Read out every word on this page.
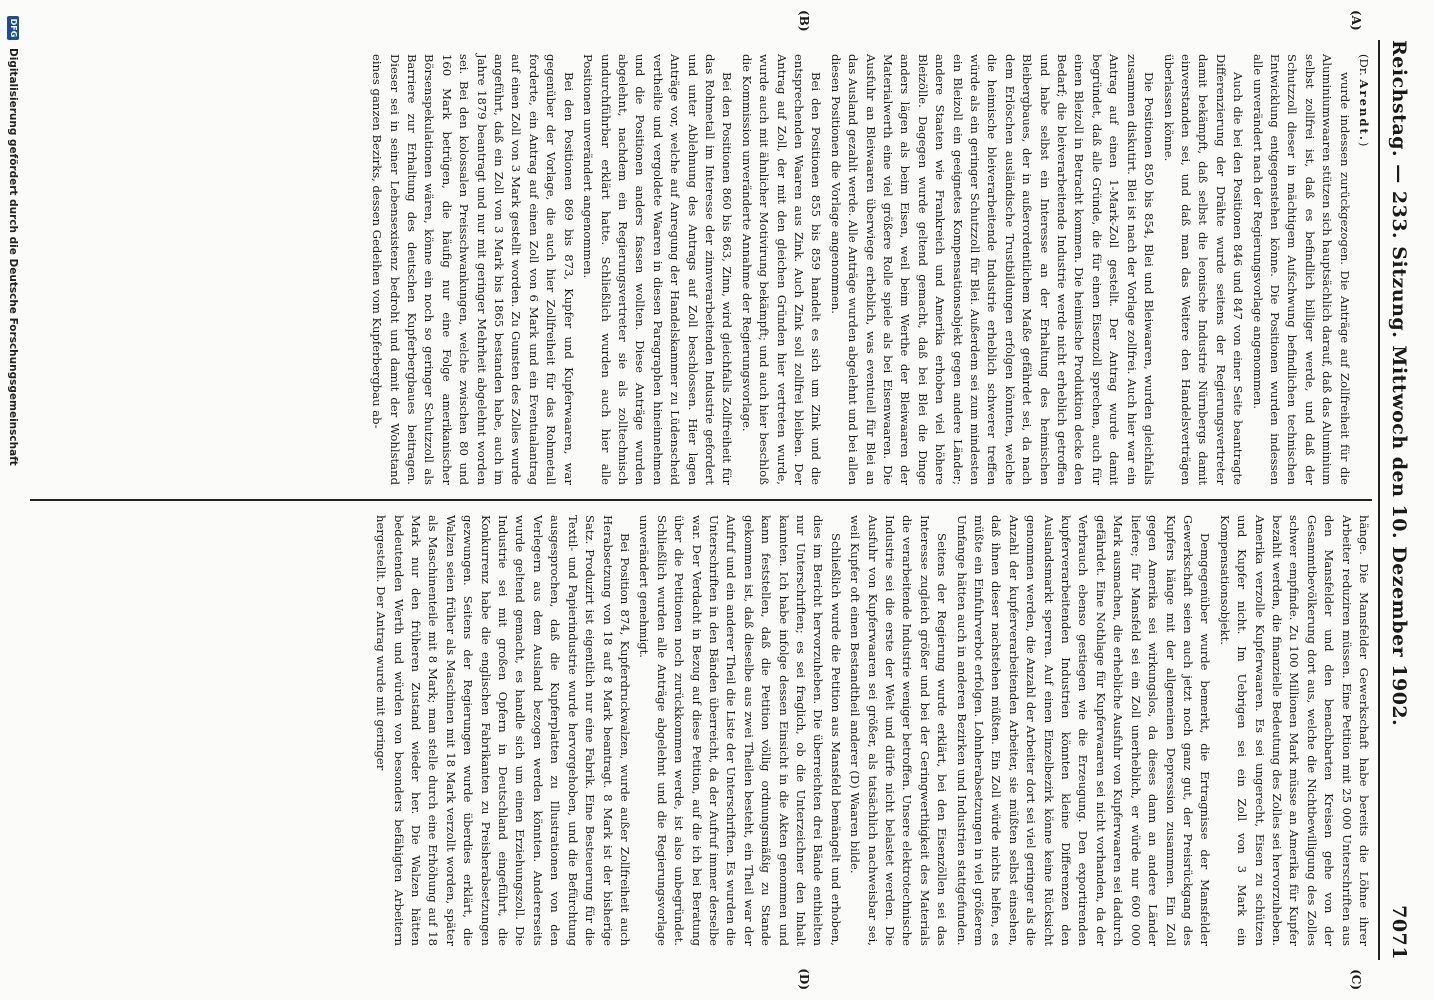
Reichstag. — 233. Sitzung. Mittwoch den 10. Dezember 1902.
7071
(A)
(B)

(Dr. Arendt.)

wurde indessen zurückgezogen. Die Anträge auf Zollfreiheit für die Aluminiumwaaren stützen sich hauptsächlich darauf, daß das Aluminium selbst zollfrei ist, daß es befindlich billiger werde, und daß der Schutzzoll dieser in mächtigem Aufschwung befindlichen technischen Entwicklung entgegenstehen könne. Die Positionen wurden indessen alle unverändert nach der Regierungsvorlage angenommen.

Auch die bei den Positionen 846 und 847 von einer Seite beantragte Differenzierung der Drähte wurde seitens der Regierungsvertreter damit bekämpft, daß selbst die leonische Industrie Nürnbergs damit einverstanden sei, und daß man das Weitere den Handelsverträgen überlassen könne.

Die Positionen 850 bis 854, Blei und Bleiwaaren, wurden gleichfalls zusammen diskutirt. Blei ist nach der Vorlage zollfrei. Auch hier war ein Antrag auf einen 1-Mark-Zoll gestellt. Der Antrag wurde damit begründet, daß alle Gründe, die für einen Eisenzoll sprechen, auch für einen Bleizoll in Betracht kommen. Die heimische Produktion decke den Bedarf; die bleiverarbeitende Industrie werde nicht erheblich getroffen und habe selbst ein Interesse an der Erhaltung des heimischen Bleibergbaues, der in außerordentlichem Maße gefährdet sei, da nach dem Erlöschen ausländische Trustbildungen erfolgen könnten, welche die heimische bleiverarbeitende Industrie erheblich schwerer treffen würde als ein geringer Schutzzoll für Blei. Außerdem sei zum mindesten ein Bleizoll ein geeignetes Kompensationsobjekt gegen andere Länder; andere Staaten wie Frankreich und Amerika erhoben viel höhere Bleizölle. Dagegen wurde geltend gemacht, daß bei Blei die Dinge anders lägen als beim Eisen, weil beim Werthe der Bleiwaaren der Materialwerth eine viel größere Rolle spiele als bei Eisenwaaren. Die Ausfuhr an Bleiwaaren überwiege erheblich, was eventuell für Blei an das Ausland gezahlt werde. Alle Anträge wurden abgelehnt und bei allen diesen Positionen die Vorlage angenommen.

Bei den Positionen 855 bis 859 handelt es sich um Zink und die entsprechenden Waaren aus Zink. Auch Zink soll zollfrei bleiben. Der Antrag auf Zoll, der mit den gleichen Gründen hier vertreten wurde, wurde auch mit ähnlicher Motivirung bekämpft; und auch hier beschloß die Kommission unveränderte Annahme der Regierungsvorlage.

Bei den Positionen 860 bis 863, Zinn, wird gleichfalls Zollfreiheit für das Rohmetall im Interesse der zinnverarbeitenden Industrie gefordert und unter Ablehnung des Antrags auf Zoll beschlossen. Hier lagen Anträge vor, welche auf Anregung der Handelskammer zu Lüdenscheid vertheilte und vergoldete Waaren in diesen Paragraphen hineinnehmen und die Positionen anders fassen wollten. Diese Anträge wurden abgelehnt, nachdem ein Regierungsvertreter sie als zolltechnisch undurchführbar erklärt hatte. Schließlich wurden auch hier alle Positionen unverändert angenommen.

Bei den Positionen 869 bis 873, Kupfer und Kupferwaaren, war gegenüber der Vorlage, die auch hier Zollfreiheit für das Rohmetall forderte, ein Antrag auf einen Zoll von 6 Mark und ein Eventualantrag auf einen Zoll von 3 Mark gestellt worden. Zu Gunsten des Zolles wurde angeführt, daß ein Zoll von 3 Mark bis 1865 bestanden habe, auch im Jahre 1879 beantragt und nur mit geringer Mehrheit abgelehnt worden sei. Bei den kolossalen Preisschwankungen, welche zwischen 80 und 160 Mark betrügen, die häufig nur eine Folge amerikanischer Börsenspekulationen wären, könne ein noch so geringer Schutzzoll als Barriere zur Erhaltung des deutschen Kupferbergbaues beitragen. Dieser sei in seiner Lebensexistenz bedroht und damit der Wohlstand eines ganzen Bezirks, dessen Gedeihen vom Kupferbergbau ab-

(C)
(D)

hänge. Die Mansfelder Gewerkschaft habe bereits die Löhne ihrer Arbeiter reduziren müssen. Eine Petition mit 25 000 Unterschriften aus den Mansfelder und den benachbarten Kreisen gehe von der Gesammtbevölkerung dort aus, welche die Nichtbewilligung des Zolles schwer empfinde. Zu 100 Millionen Mark müsse an Amerika für Kupfer bezahlt werden, die finanzielle Bedeutung des Zolles sei hervorzuheben. Amerika verzolle Kupferwaaren. Es sei ungerecht, Eisen zu schützen und Kupfer nicht. Im Uebrigen sei ein Zoll von 3 Mark ein Kompensationsobjekt.

Demgegenüber wurde bemerkt, die Ertragnisse der Mansfelder Gewerkschaft seien auch jetzt noch ganz gut, der Preisrückgang des Kupfers hänge mit der allgemeinen Depression zusammen. Ein Zoll gegen Amerika sei wirkungslos, da dieses dann an andere Länder liefere; für Mansfeld sei ein Zoll unerheblich, er würde nur 600 000 Mark ausmachen, die erhebliche Ausfuhr von Kupferwaaren sei dadurch gefährdet. Eine Nothlage für Kupferwaaren sei nicht vorhanden, da der Verbrauch ebenso gestiegen wie die Erzeugung. Den exportirenden kupferverarbeitenden Industrien könnten kleine Differenzen den Auslandsmarkt sperren. Auf einen Einzelbezirk könne keine Rücksicht genommen werden, die Anzahl der Arbeiter dort sei viel geringer als die Anzahl der kupferverarbeitenden Arbeiter, sie müßten selbst einsehen, daß ihnen dieser nachstehen müßten. Ein Zoll würde nichts helfen, es müßte ein Einfuhrverbot erfolgen. Lohnherabsetzungen in viel größerem Umfange hätten auch in anderen Bezirken und Industrien stattgefunden.

Seitens der Regierung wurde erklärt, bei den Eisenzöllen sei das Interesse zugleich größer und bei der Geringwerthigkeit des Materials die verarbeitende Industrie weniger betroffen. Unsere elektrotechnische Industrie sei die erste der Welt und dürfe nicht belastet werden. Die Ausfuhr von Kupferwaaren sei größer, als tatsächlich nachweisbar sei, weil Kupfer oft einen Bestandtheil anderer (D) Waaren bilde.

Schließlich wurde die Petition aus Mansfeld bemängelt und erhoben, dies im Bericht hervorzuheben. Die überreichten drei Bände enthielten nur Unterschriften; es sei fraglich, ob die Unterzeichner den Inhalt kannten. Ich habe infolge dessen Einsicht in die Akten genommen und kann feststellen, daß die Petition völlig ordnungsmäßig zu Stande gekommen ist, daß dieselbe aus zwei Theilen besteht, ein Theil war der Aufruf und ein anderer Theil die Liste der Unterschriften. Es wurden die Unterschriften in den Bänden überreicht, da der Aufruf immer derselbe war. Der Verdacht in Bezug auf diese Petition, auf die ich bei Beratung über die Petitionen noch zurückkommen werde, ist also unbegründet. Schließlich wurden alle Anträge abgelehnt und die Regierungsvorlage unverändert genehmigt.

Bei Position 874, Kupferdruckwalzen, wurde außer Zollfreiheit auch Herabsetzung von 18 auf 8 Mark beantragt. 8 Mark ist der bisherige Satz. Produzirt ist eigentlich nur eine Fabrik. Eine Besteuerung für die Textil- und Papierindustrie wurde hervorgehoben, und die Befürchtung ausgesprochen, daß die Kupferplatten zu Illustrationen von den Verlegern aus dem Ausland bezogen werden könnten. Andererseits wurde geltend gemacht, es handle sich um einen Erziehungszoll. Die Industrie sei mit großen Opfern in Deutschland eingeführt, die Konkurrenz habe die englischen Fabrikanten zu Preisherabsetzungen gezwungen. Seitens der Regierungen wurde überdies erklärt, die Walzen seien früher als Maschinen mit 18 Mark verzollt worden, später als Maschinenteile mit 8 Mark; man stelle durch eine Erhöhung auf 18 Mark nur den früheren Zustand wieder her. Die Walzen hätten bedeutenden Werth und würden von besonders befähigten Arbeitern hergestellt. Der Antrag wurde mit geringer

DFG
Digitalisierung gefördert durch die Deutsche Forschungsgemeinschaft
